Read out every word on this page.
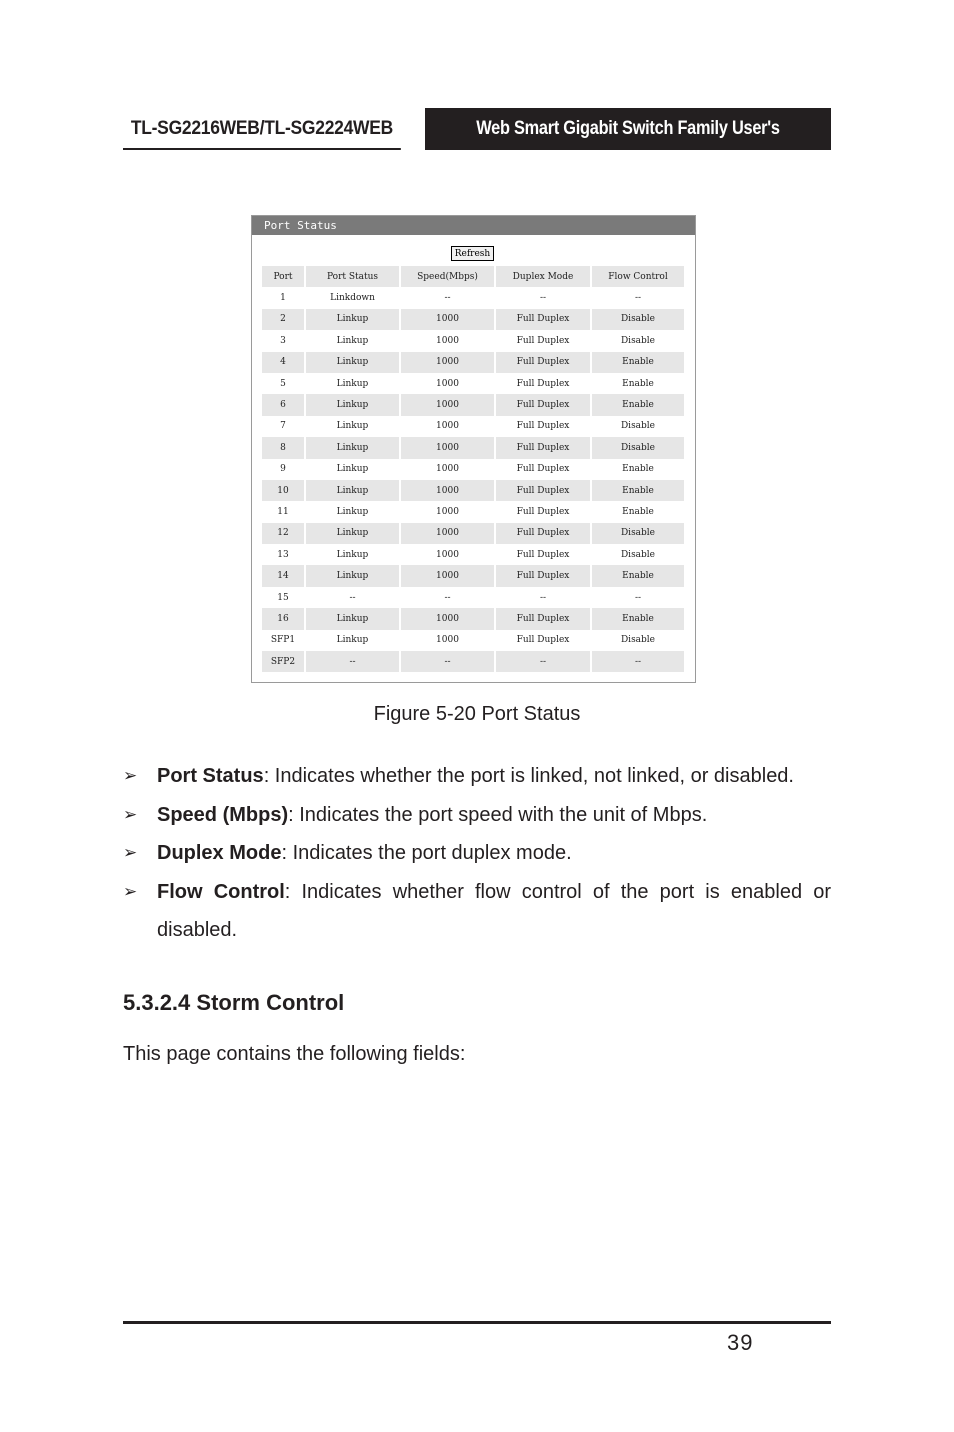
TL-SG2216WEB/TL-SG2224WEB	Web Smart Gigabit Switch Family User's Guide
Port Status
Refresh
Port	Port Status	Speed(Mbps)	Duplex Mode	Flow Control
1	Linkdown	--	--	--
2	Linkup	1000	Full Duplex	Disable
3	Linkup	1000	Full Duplex	Disable
4	Linkup	1000	Full Duplex	Enable
5	Linkup	1000	Full Duplex	Enable
6	Linkup	1000	Full Duplex	Enable
7	Linkup	1000	Full Duplex	Disable
8	Linkup	1000	Full Duplex	Disable
9	Linkup	1000	Full Duplex	Enable
10	Linkup	1000	Full Duplex	Enable
11	Linkup	1000	Full Duplex	Enable
12	Linkup	1000	Full Duplex	Disable
13	Linkup	1000	Full Duplex	Disable
14	Linkup	1000	Full Duplex	Enable
15	--	--	--	--
16	Linkup	1000	Full Duplex	Enable
SFP1	Linkup	1000	Full Duplex	Disable
SFP2	--	--	--	--
Figure 5-20 Port Status
➢ Port Status: Indicates whether the port is linked, not linked, or disabled.
➢ Speed (Mbps): Indicates the port speed with the unit of Mbps.
➢ Duplex Mode: Indicates the port duplex mode.
➢ Flow Control: Indicates whether flow control of the port is enabled or disabled.
5.3.2.4 Storm Control
This page contains the following fields:
39
